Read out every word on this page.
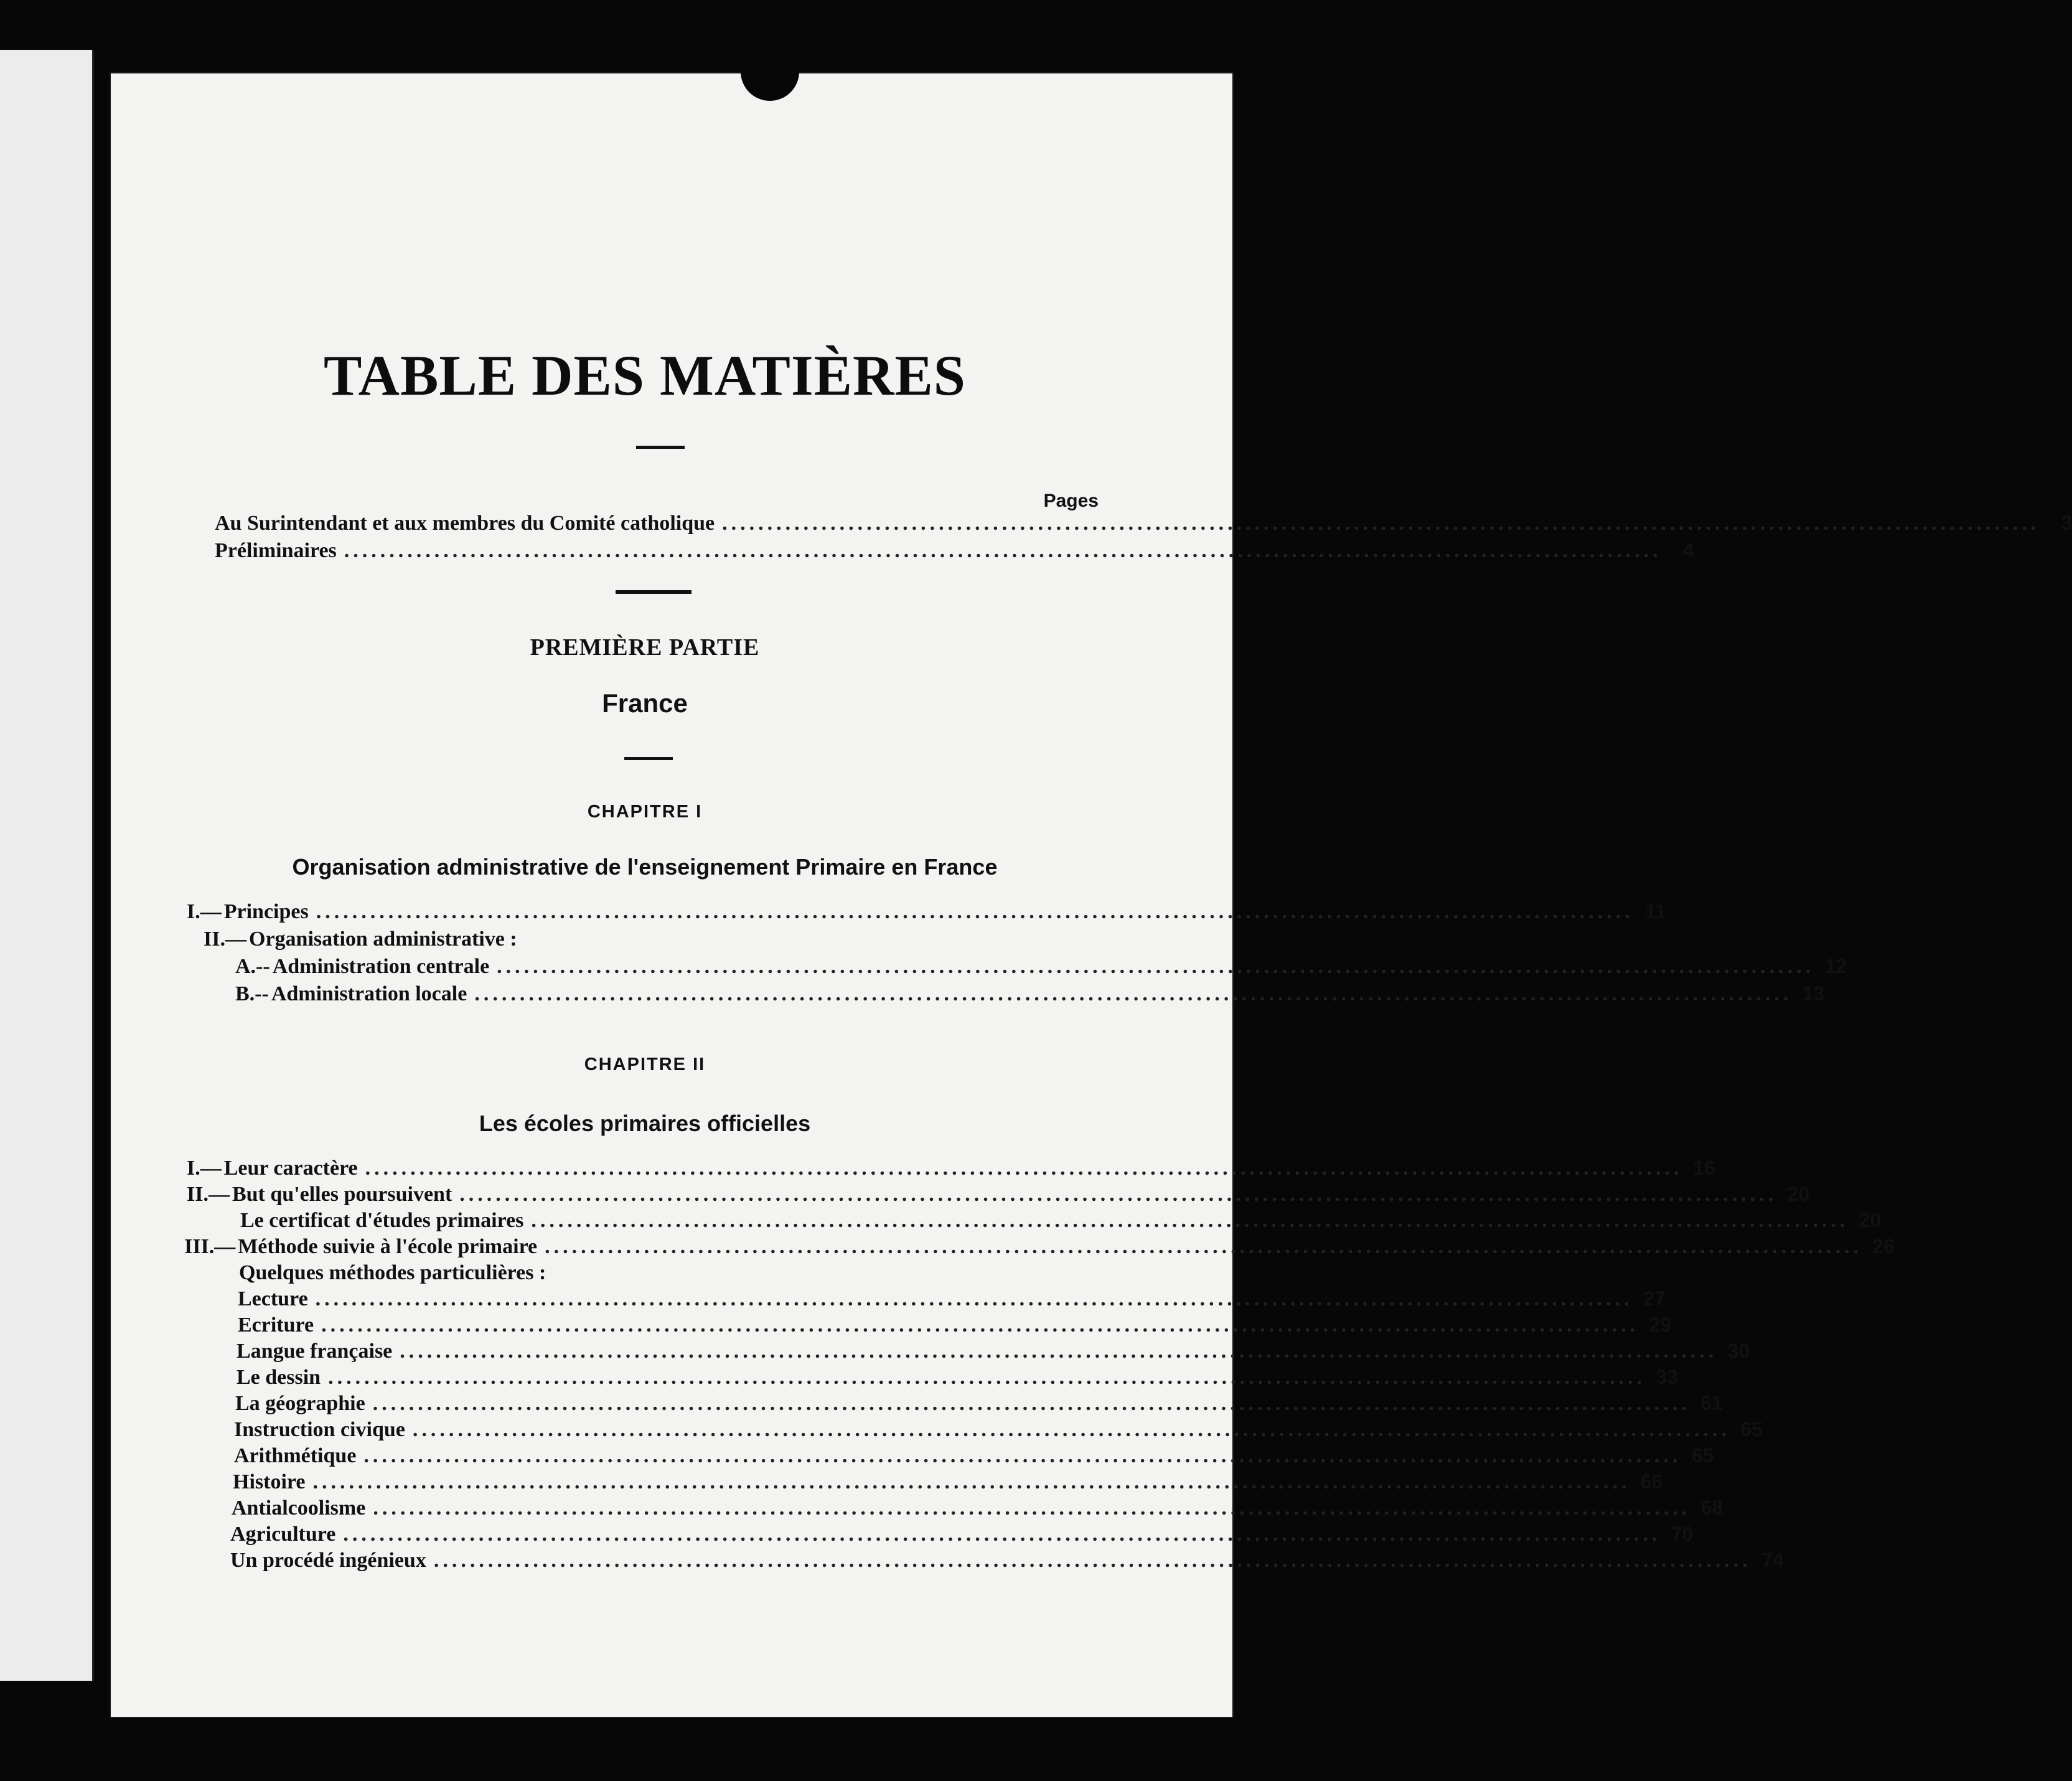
TABLE DES MATIÈRES
Pages
Au Surintendant et aux membres du Comité catholique ..................................................................................................................................................	3
Préliminaires ..................................................................................................................................................	4

PREMIÈRE PARTIE

France

CHAPITRE I

Organisation administrative de l'enseignement Primaire en France

I.— Principes .................................................................................................................................................. 11
II.— Organisation administrative :
A.-- Administration centrale .................................................................................................................................................. 12
B.-- Administration locale .................................................................................................................................................. 13

CHAPITRE II

Les écoles primaires officielles

I.— Leur caractère .................................................................................................................................................. 16
II.— But qu'elles poursuivent .................................................................................................................................................. 20
Le certificat d'études primaires .................................................................................................................................................. 20
III.— Méthode suivie à l'école primaire .................................................................................................................................................. 26
Quelques méthodes particulières :
Lecture .................................................................................................................................................. 27
Ecriture .................................................................................................................................................. 29
Langue française .................................................................................................................................................. 30
Le dessin .................................................................................................................................................. 33
La géographie .................................................................................................................................................. 61
Instruction civique .................................................................................................................................................. 65
Arithmétique .................................................................................................................................................. 65
Histoire .................................................................................................................................................. 66
Antialcoolisme .................................................................................................................................................. 68
Agriculture .................................................................................................................................................. 70
Un procédé ingénieux .................................................................................................................................................. 74
